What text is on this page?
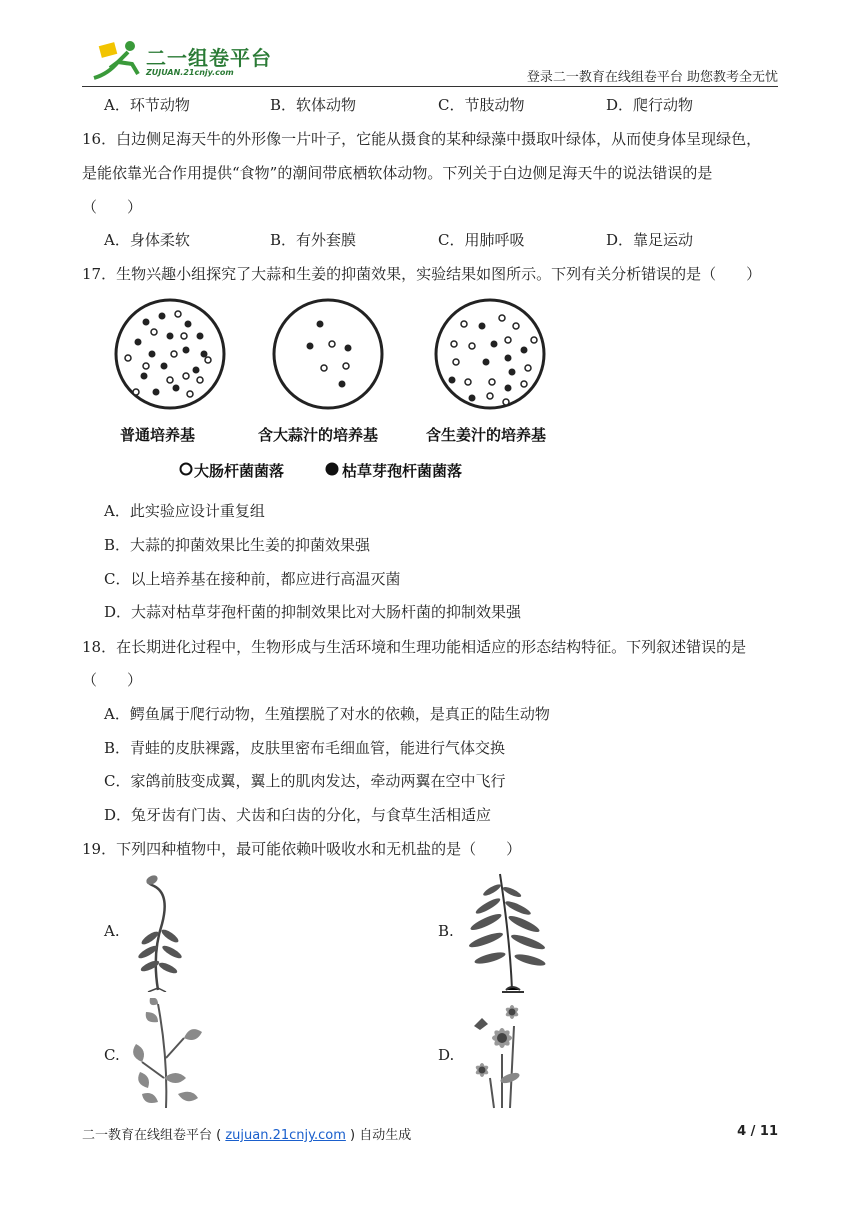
二一组卷平台
ZUJUAN.21cnjy.com	登录二一教育在线组卷平台 助您教考全无忧
A．环节动物	B．软体动物	C．节肢动物	D．爬行动物
16．白边侧足海天牛的外形像一片叶子，它能从摄食的某种绿藻中摄取叶绿体，从而使身体呈现绿色，
是能依靠光合作用提供“食物”的潮间带底栖软体动物。下列关于白边侧足海天牛的说法错误的是
（　　）
A．身体柔软	B．有外套膜	C．用肺呼吸	D．靠足运动
17．生物兴趣小组探究了大蒜和生姜的抑菌效果，实验结果如图所示。下列有关分析错误的是（　　）
普通培养基	含大蒜汁的培养基	含生姜汁的培养基
大肠杆菌菌落	枯草芽孢杆菌菌落
A．此实验应设计重复组
B．大蒜的抑菌效果比生姜的抑菌效果强
C．以上培养基在接种前，都应进行高温灭菌
D．大蒜对枯草芽孢杆菌的抑制效果比对大肠杆菌的抑制效果强
18．在长期进化过程中，生物形成与生活环境和生理功能相适应的形态结构特征。下列叙述错误的是
（　　）
A．鳄鱼属于爬行动物，生殖摆脱了对水的依赖，是真正的陆生动物
B．青蛙的皮肤裸露，皮肤里密布毛细血管，能进行气体交换
C．家鸽前肢变成翼，翼上的肌肉发达，牵动两翼在空中飞行
D．兔牙齿有门齿、犬齿和臼齿的分化，与食草生活相适应
19．下列四种植物中，最可能依赖叶吸收水和无机盐的是（　　）
A.	B.
C.	D.
二一教育在线组卷平台 ( zujuan.21cnjy.com ) 自动生成	4 / 11
